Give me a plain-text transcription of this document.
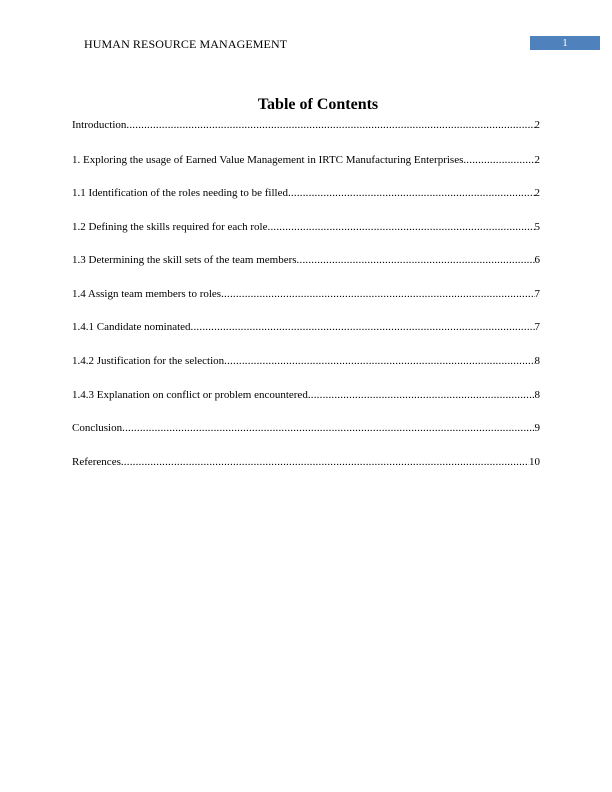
HUMAN RESOURCE MANAGEMENT	1
Table of Contents
Introduction .....	2
1. Exploring the usage of Earned Value Management in IRTC Manufacturing Enterprises .....	2
1.1 Identification of the roles needing to be filled .....	2
1.2 Defining the skills required for each role .....	5
1.3 Determining the skill sets of the team members .....	6
1.4 Assign team members to roles .....	7
1.4.1 Candidate nominated .....	7
1.4.2 Justification for the selection .....	8
1.4.3 Explanation on conflict or problem encountered .....	8
Conclusion .....	9
References .....	10
